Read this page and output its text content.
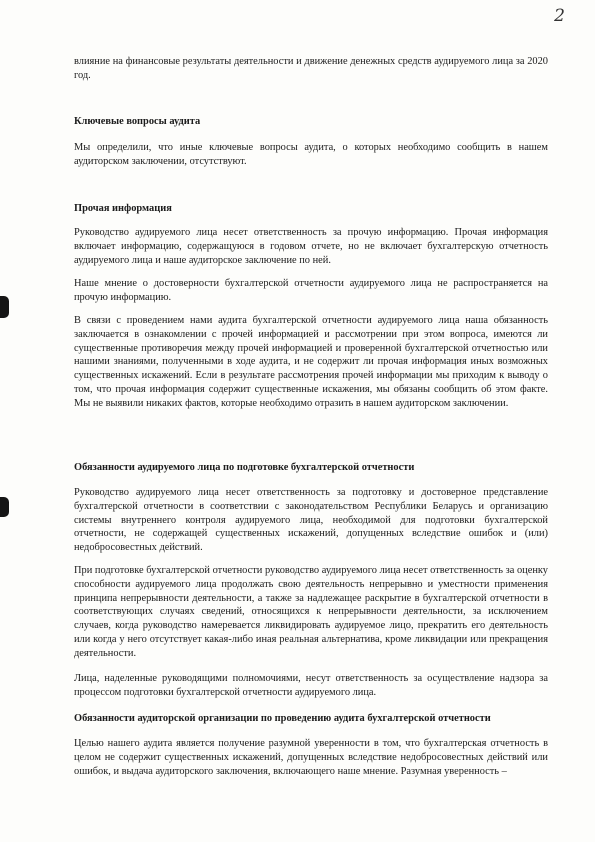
2
влияние на финансовые результаты деятельности и движение денежных средств аудируемого лица за 2020 год.
Ключевые вопросы аудита
Мы определили, что иные ключевые вопросы аудита, о которых необходимо сообщить в нашем аудиторском заключении, отсутствуют.
Прочая информация
Руководство аудируемого лица несет ответственность за прочую информацию. Прочая информация включает информацию, содержащуюся в годовом отчете, но не включает бухгалтерскую отчетность аудируемого лица и наше аудиторское заключение по ней.
Наше мнение о достоверности бухгалтерской отчетности аудируемого лица не распространяется на прочую информацию.
В связи с проведением нами аудита бухгалтерской отчетности аудируемого лица наша обязанность заключается в ознакомлении с прочей информацией и рассмотрении при этом вопроса, имеются ли существенные противоречия между прочей информацией и проверенной бухгалтерской отчетностью или нашими знаниями, полученными в ходе аудита, и не содержит ли прочая информация иных возможных существенных искажений. Если в результате рассмотрения прочей информации мы приходим к выводу о том, что прочая информация содержит существенные искажения, мы обязаны сообщить об этом факте. Мы не выявили никаких фактов, которые необходимо отразить в нашем аудиторском заключении.
Обязанности аудируемого лица по подготовке бухгалтерской отчетности
Руководство аудируемого лица несет ответственность за подготовку и достоверное представление бухгалтерской отчетности в соответствии с законодательством Республики Беларусь и организацию системы внутреннего контроля аудируемого лица, необходимой для подготовки бухгалтерской отчетности, не содержащей существенных искажений, допущенных вследствие ошибок и (или) недобросовестных действий.
При подготовке бухгалтерской отчетности руководство аудируемого лица несет ответственность за оценку способности аудируемого лица продолжать свою деятельность непрерывно и уместности применения принципа непрерывности деятельности, а также за надлежащее раскрытие в бухгалтерской отчетности в соответствующих случаях сведений, относящихся к непрерывности деятельности, за исключением случаев, когда руководство намеревается ликвидировать аудируемое лицо, прекратить его деятельность или когда у него отсутствует какая-либо иная реальная альтернатива, кроме ликвидации или прекращения деятельности.
Лица, наделенные руководящими полномочиями, несут ответственность за осуществление надзора за процессом подготовки бухгалтерской отчетности аудируемого лица.
Обязанности аудиторской организации по проведению аудита бухгалтерской отчетности
Целью нашего аудита является получение разумной уверенности в том, что бухгалтерская отчетность в целом не содержит существенных искажений, допущенных вследствие недобросовестных действий или ошибок, и выдача аудиторского заключения, включающего наше мнение. Разумная уверенность –
